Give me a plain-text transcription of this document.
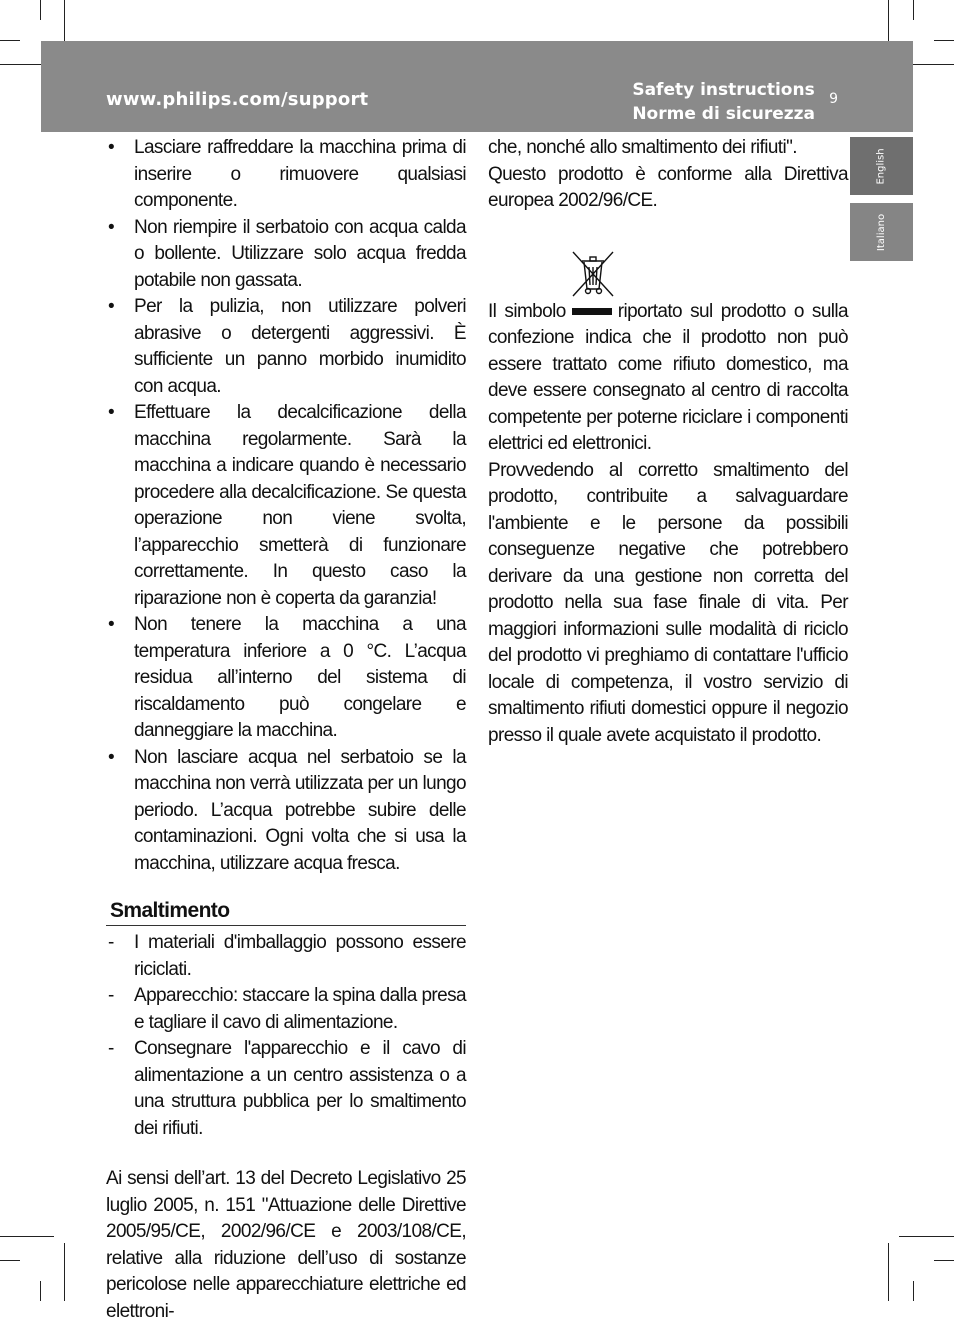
www.philips.com/support	Safety instructions
Norme di sicurezza
9
English
Italiano
• Lasciare raffreddare la macchina prima di inserire o rimuovere qualsiasi componente.
• Non riempire il serbatoio con acqua calda o bollente. Utilizzare solo acqua fredda potabile non gassata.
• Per la pulizia, non utilizzare polveri abrasive o detergenti aggressivi. È sufficiente un panno morbido inumidito con acqua.
• Effettuare la decalcificazione della macchina regolarmente. Sarà la macchina a indicare quando è necessario procedere alla decalcificazione. Se questa operazione non viene svolta, l’apparecchio smetterà di funzionare correttamente. In questo caso la riparazione non è coperta da garanzia!
• Non tenere la macchina a una temperatura inferiore a 0 °C. L’acqua residua all’interno del sistema di riscaldamento può congelare e danneggiare la macchina.
• Non lasciare acqua nel serbatoio se la macchina non verrà utilizzata per un lungo periodo. L’acqua potrebbe subire delle contaminazioni. Ogni volta che si usa la macchina, utilizzare acqua fresca.
Smaltimento
- I materiali d'imballaggio possono essere riciclati.
- Apparecchio: staccare la spina dalla presa e tagliare il cavo di alimentazione.
- Consegnare l'apparecchio e il cavo di alimentazione a un centro assistenza o a una struttura pubblica per lo smaltimento dei rifiuti.

Ai sensi dell’art. 13 del Decreto Legislativo 25 luglio 2005, n. 151 "Attuazione delle Direttive 2005/95/CE, 2002/96/CE e 2003/108/CE, relative alla riduzione dell’uso di sostanze pericolose nelle apparecchiature elettriche ed elettroni-

che, nonché allo smaltimento dei rifiuti".

Questo prodotto è conforme alla Direttiva europea 2002/96/CE.

Il simbolo	riportato sul prodotto o sulla confezione indica che il prodotto non può essere trattato come rifiuto domestico, ma deve essere consegnato al centro di raccolta competente per poterne riciclare i componenti elettrici ed elettronici.

Provvedendo al corretto smaltimento del prodotto, contribuite a salvaguardare l'ambiente e le persone da possibili conseguenze negative che potrebbero derivare da una gestione non corretta del prodotto nella sua fase finale di vita. Per maggiori informazioni sulle modalità di riciclo del prodotto vi preghiamo di contattare l'ufficio locale di competenza, il vostro servizio di smaltimento rifiuti domestici oppure il negozio presso il quale avete acquistato il prodotto.
